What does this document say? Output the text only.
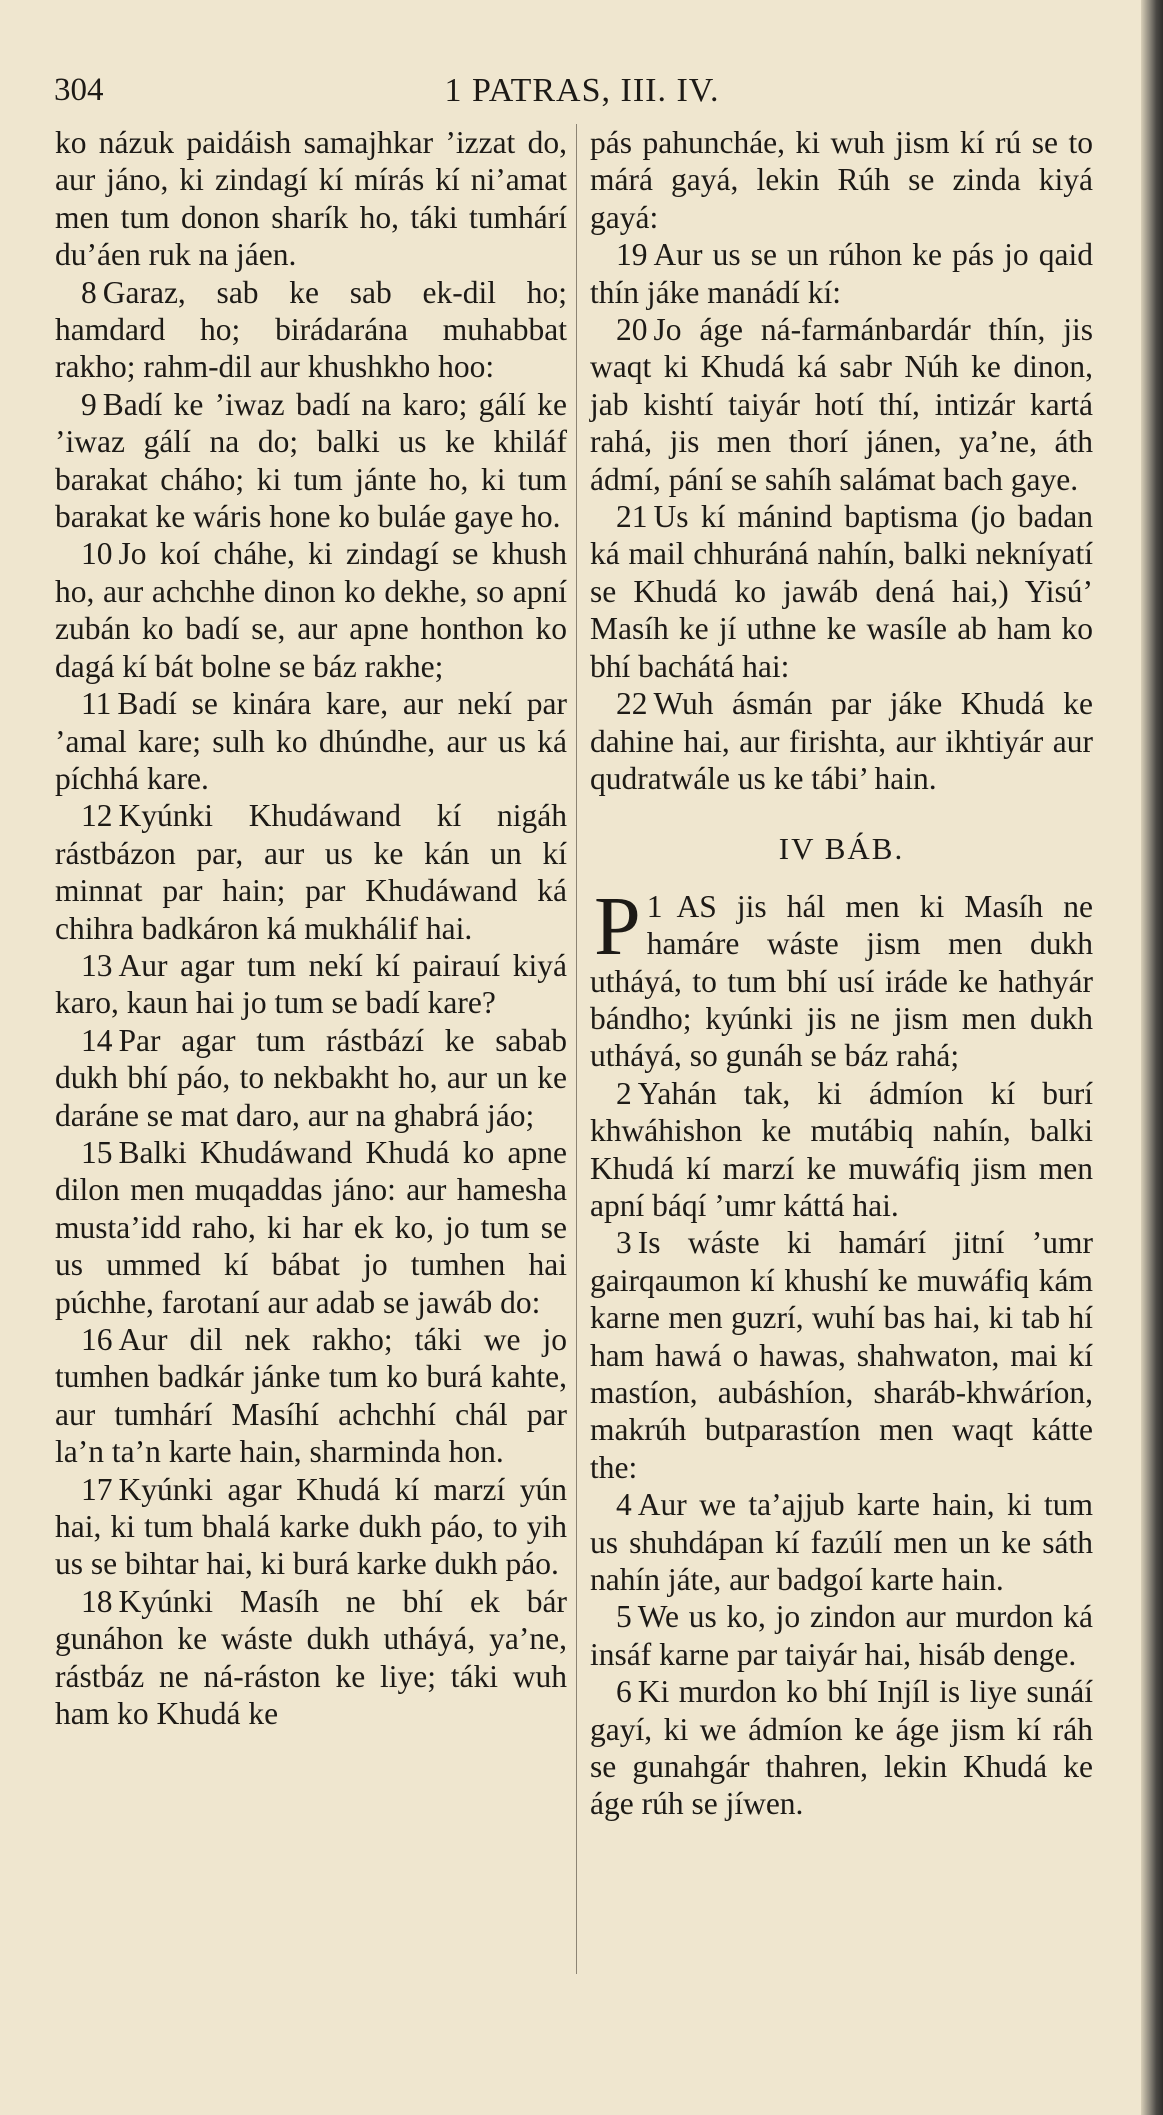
304	1 PATRAS, III. IV.

ko názuk paidáish samajhkar ’izzat do, aur jáno, ki zindagí kí mírás kí ni’amat men tum donon sharík ho, táki tumhárí du’áen ruk na jáen.

8 Garaz, sab ke sab ek-dil ho; hamdard ho; birádarána muhabbat rakho; rahm-dil aur khushkho hoo:

9 Badí ke ’iwaz badí na karo; gálí ke ’iwaz gálí na do; balki us ke khiláf barakat cháho; ki tum jánte ho, ki tum barakat ke wáris hone ko buláe gaye ho.

10 Jo koí cháhe, ki zindagí se khush ho, aur achchhe dinon ko dekhe, so apní zubán ko badí se, aur apne honthon ko dagá kí bát bolne se báz rakhe;

11 Badí se kinára kare, aur nekí par ’amal kare; sulh ko dhúndhe, aur us ká píchhá kare.

12 Kyúnki Khudáwand kí nigáh rástbázon par, aur us ke kán un kí minnat par hain; par Khudáwand ká chihra badkáron ká mukhálif hai.

13 Aur agar tum nekí kí pairauí kiyá karo, kaun hai jo tum se badí kare?

14 Par agar tum rástbází ke sabab dukh bhí páo, to nekbakht ho, aur un ke daráne se mat daro, aur na ghabrá jáo;

15 Balki Khudáwand Khudá ko apne dilon men muqaddas jáno: aur hamesha musta’idd raho, ki har ek ko, jo tum se us ummed kí bábat jo tumhen hai púchhe, farotaní aur adab se jawáb do:

16 Aur dil nek rakho; táki we jo tumhen badkár jánke tum ko burá kahte, aur tumhárí Masíhí achchhí chál par la’n ta’n karte hain, sharminda hon.

17 Kyúnki agar Khudá kí marzí yún hai, ki tum bhalá karke dukh páo, to yih us se bihtar hai, ki burá karke dukh páo.

18 Kyúnki Masíh ne bhí ek bár gunáhon ke wáste dukh utháyá, ya’ne, rástbáz ne ná-ráston ke liye; táki wuh ham ko Khudá ke

pás pahuncháe, ki wuh jism kí rú se to márá gayá, lekin Rúh se zinda kiyá gayá:

19 Aur us se un rúhon ke pás jo qaid thín jáke manádí kí:

20 Jo áge ná-farmánbardár thín, jis waqt ki Khudá ká sabr Núh ke dinon, jab kishtí taiyár hotí thí, intizár kartá rahá, jis men thorí jánen, ya’ne, áth ádmí, pání se sahíh salámat bach gaye.

21 Us kí mánind baptisma (jo badan ká mail chhuráná nahín, balki nekníyatí se Khudá ko jawáb dená hai,) Yisú’ Masíh ke jí uthne ke wasíle ab ham ko bhí bachátá hai:

22 Wuh ásmán par jáke Khudá ke dahine hai, aur firishta, aur ikhtiyár aur qudratwále us ke tábi’ hain.

IV BÁB.

1
P AS jis hál men ki Masíh ne hamáre wáste jism men dukh utháyá, to tum bhí usí iráde ke hathyár bándho; kyúnki jis ne jism men dukh utháyá, so gunáh se báz rahá;

2 Yahán tak, ki ádmíon kí burí khwáhishon ke mutábiq nahín, balki Khudá kí marzí ke muwáfiq jism men apní báqí ’umr káttá hai.

3 Is wáste ki hamárí jitní ’umr gairqaumon kí khushí ke muwáfiq kám karne men guzrí, wuhí bas hai, ki tab hí ham hawá o hawas, shahwaton, mai kí mastíon, aubáshíon, sharáb-khwáríon, makrúh butparastíon men waqt kátte the:

4 Aur we ta’ajjub karte hain, ki tum us shuhdápan kí fazúlí men un ke sáth nahín játe, aur badgoí karte hain.

5 We us ko, jo zindon aur murdon ká insáf karne par taiyár hai, hisáb denge.

6 Ki murdon ko bhí Injíl is liye sunáí gayí, ki we ádmíon ke áge jism kí ráh se gunahgár thahren, lekin Khudá ke áge rúh se jíwen.
